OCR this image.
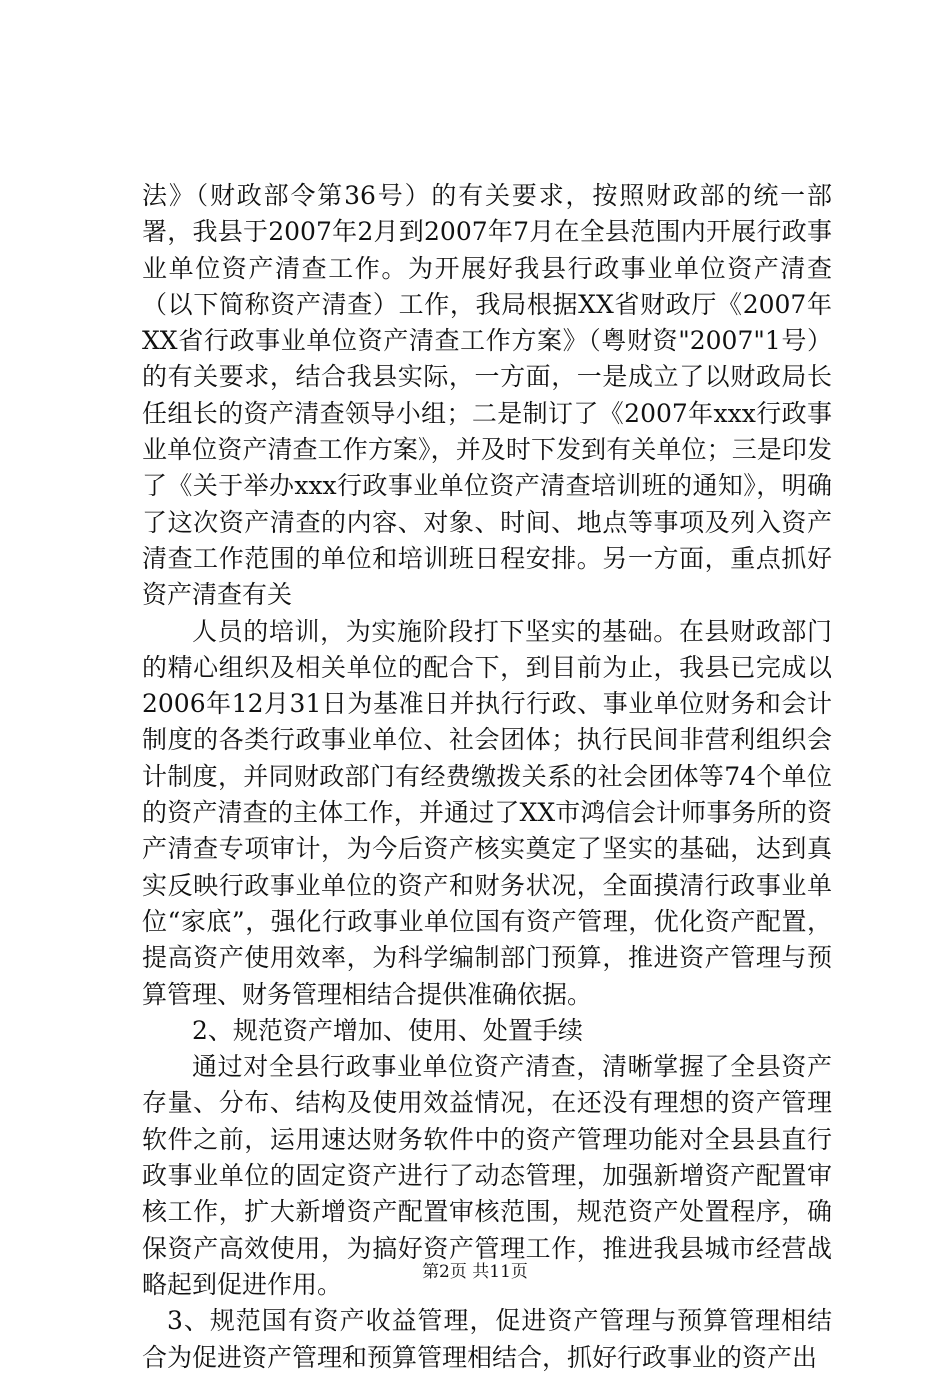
法》（财政部令第36号）的有关要求，按照财政部的统一部署，我县于2007年2月到2007年7月在全县范围内开展行政事业单位资产清查工作。为开展好我县行政事业单位资产清查（以下简称资产清查）工作，我局根据XX省财政厅《2007年XX省行政事业单位资产清查工作方案》（粤财资"2007"1号）的有关要求，结合我县实际，一方面，一是成立了以财政局长任组长的资产清查领导小组；二是制订了《2007年xxx行政事业单位资产清查工作方案》，并及时下发到有关单位；三是印发了《关于举办xxx行政事业单位资产清查培训班的通知》，明确了这次资产清查的内容、对象、时间、地点等事项及列入资产清查工作范围的单位和培训班日程安排。另一方面，重点抓好资产清查有关

人员的培训，为实施阶段打下坚实的基础。在县财政部门的精心组织及相关单位的配合下，到目前为止，我县已完成以2006年12月31日为基准日并执行行政、事业单位财务和会计制度的各类行政事业单位、社会团体；执行民间非营利组织会计制度，并同财政部门有经费缴拨关系的社会团体等74个单位的资产清查的主体工作，并通过了XX市鸿信会计师事务所的资产清查专项审计，为今后资产核实奠定了坚实的基础，达到真实反映行政事业单位的资产和财务状况，全面摸清行政事业单位“家底”，强化行政事业单位国有资产管理，优化资产配置，提高资产使用效率，为科学编制部门预算，推进资产管理与预算管理、财务管理相结合提供准确依据。

2、规范资产增加、使用、处置手续

通过对全县行政事业单位资产清查，清晰掌握了全县资产存量、分布、结构及使用效益情况，在还没有理想的资产管理软件之前，运用速达财务软件中的资产管理功能对全县县直行政事业单位的固定资产进行了动态管理，加强新增资产配置审核工作，扩大新增资产配置审核范围，规范资产处置程序，确保资产高效使用，为搞好资产管理工作，推进我县城市经营战略起到促进作用。

3、规范国有资产收益管理，促进资产管理与预算管理相结合为促进资产管理和预算管理相结合，抓好行政事业的资产出

第2页 共11页
